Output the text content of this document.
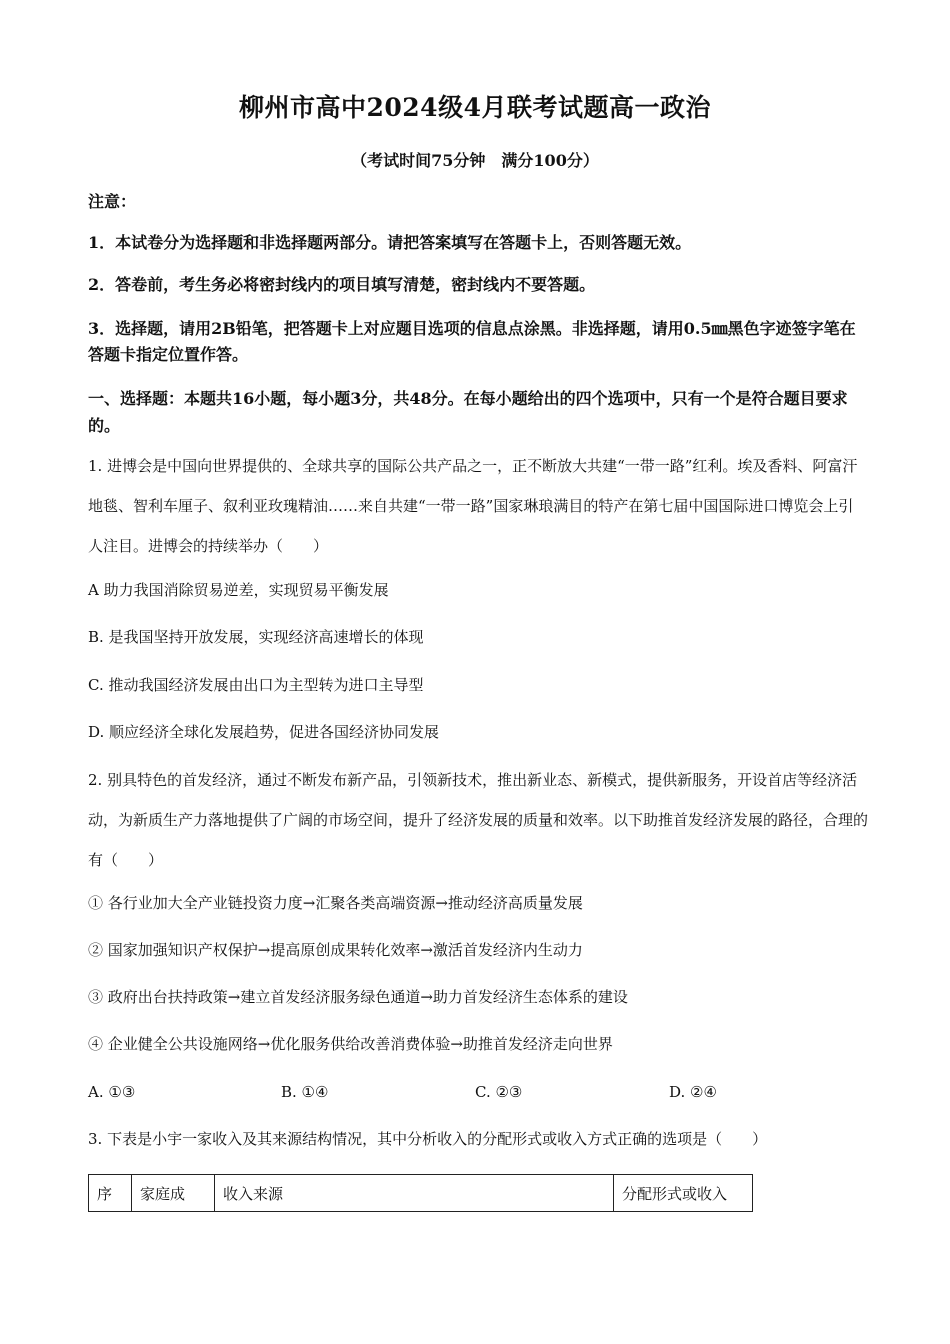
柳州市高中2024级4月联考试题高一政治
（考试时间75分钟　满分100分）
注意：
1．本试卷分为选择题和非选择题两部分。请把答案填写在答题卡上，否则答题无效。
2．答卷前，考生务必将密封线内的项目填写清楚，密封线内不要答题。
3．选择题，请用2B铅笔，把答题卡上对应题目选项的信息点涂黑。非选择题，请用0.5㎜黑色字迹签字笔在答题卡指定位置作答。
一、选择题：本题共16小题，每小题3分，共48分。在每小题给出的四个选项中，只有一个是符合题目要求的。
1. 进博会是中国向世界提供的、全球共享的国际公共产品之一，正不断放大共建“一带一路”红利。埃及香料、阿富汗地毯、智利车厘子、叙利亚玫瑰精油……来自共建“一带一路”国家琳琅满目的特产在第七届中国国际进口博览会上引人注目。进博会的持续举办（　　）
A 助力我国消除贸易逆差，实现贸易平衡发展
B. 是我国坚持开放发展，实现经济高速增长的体现
C. 推动我国经济发展由出口为主型转为进口主导型
D. 顺应经济全球化发展趋势，促进各国经济协同发展
2. 别具特色的首发经济，通过不断发布新产品，引领新技术，推出新业态、新模式，提供新服务，开设首店等经济活动，为新质生产力落地提供了广阔的市场空间，提升了经济发展的质量和效率。以下助推首发经济发展的路径，合理的有（　　）
① 各行业加大全产业链投资力度→汇聚各类高端资源→推动经济高质量发展
② 国家加强知识产权保护→提高原创成果转化效率→激活首发经济内生动力
③ 政府出台扶持政策→建立首发经济服务绿色通道→助力首发经济生态体系的建设
④ 企业健全公共设施网络→优化服务供给改善消费体验→助推首发经济走向世界
A. ①③	B. ①④	C. ②③	D. ②④
3. 下表是小宇一家收入及其来源结构情况，其中分析收入的分配形式或收入方式正确的选项是（　　）
序	家庭成	收入来源	分配形式或收入
